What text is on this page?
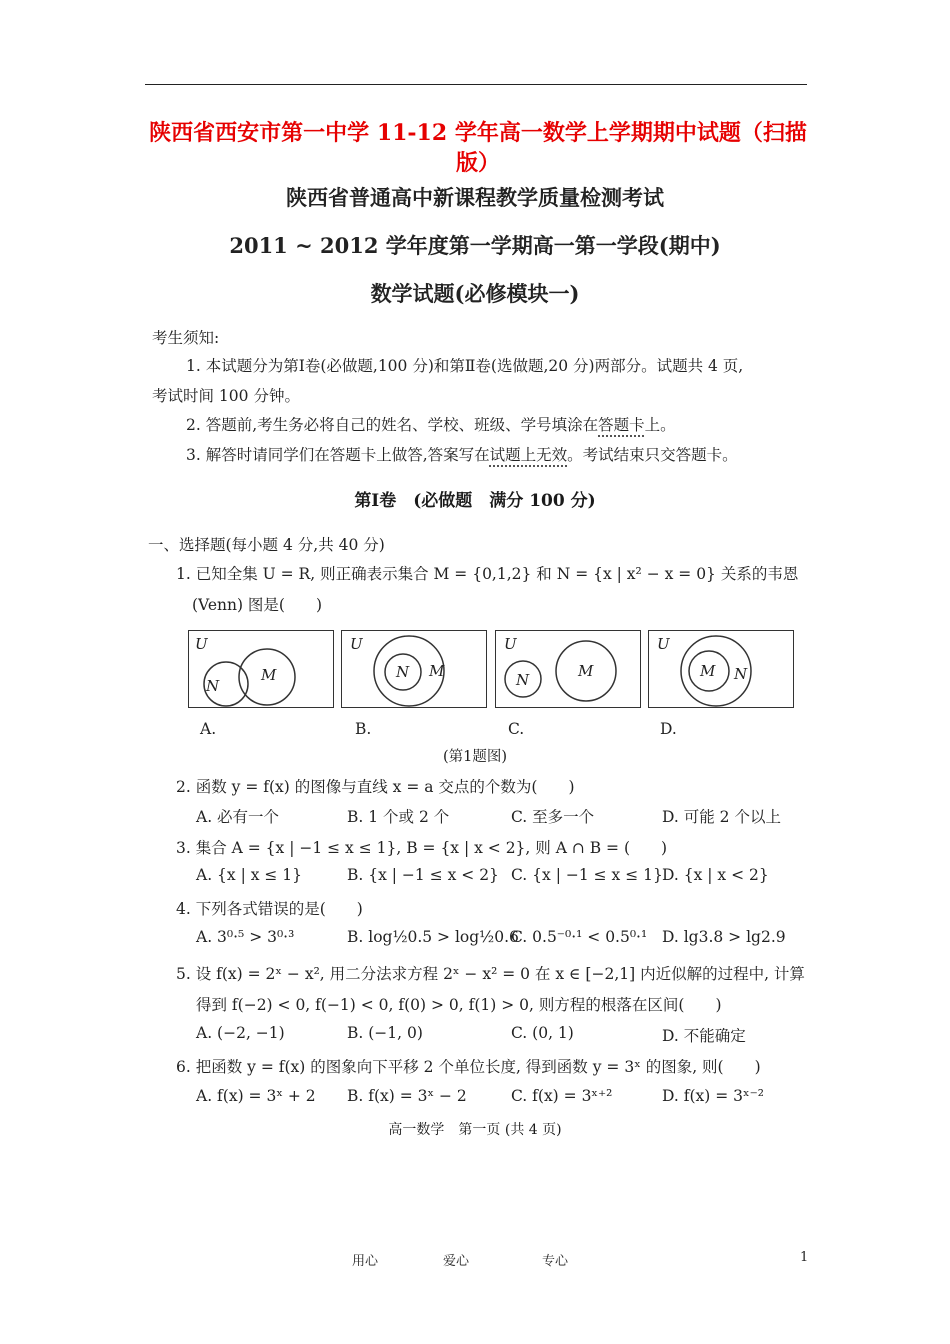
陕西省西安市第一中学 11-12 学年高一数学上学期期中试题（扫描
版）
陕西省普通高中新课程教学质量检测考试
2011 ~ 2012 学年度第一学期高一第一学段(期中)
数学试题(必修模块一)
考生须知:
1. 本试题分为第Ⅰ卷(必做题,100 分)和第Ⅱ卷(选做题,20 分)两部分。试题共 4 页,
考试时间 100 分钟。
2. 答题前,考生务必将自己的姓名、学校、班级、学号填涂在答题卡上。
3. 解答时请同学们在答题卡上做答,答案写在试题上无效。考试结束只交答题卡。
第Ⅰ卷　(必做题　满分 100 分)
一、选择题(每小题 4 分,共 40 分)
1. 已知全集 U = R, 则正确表示集合 M = {0,1,2} 和 N = {x | x² − x = 0} 关系的韦恩
(Venn) 图是(　　)
U
N
M
A.
U
N M
B.
U
N	M
C.
U
M N
D.
(第1题图)
2. 函数 y = f(x) 的图像与直线 x = a 交点的个数为(　　)
A. 必有一个	B. 1 个或 2 个	C. 至多一个	D. 可能 2 个以上
3. 集合 A = {x | −1 ≤ x ≤ 1}, B = {x | x < 2}, 则 A ∩ B = (　　)
A. {x | x ≤ 1}	B. {x | −1 ≤ x < 2} C. {x | −1 ≤ x ≤ 1} D. {x | x < 2}
4. 下列各式错误的是(　　)
A. 3⁰·⁵ > 3⁰·³	B. log½0.5 > log½0.6
C. 0.5⁻⁰·¹ < 0.5⁰·¹ D. lg3.8 > lg2.9
5. 设 f(x) = 2ˣ − x², 用二分法求方程 2ˣ − x² = 0 在 x ∈ [−2,1] 内近似解的过程中, 计算
得到 f(−2) < 0, f(−1) < 0, f(0) > 0, f(1) > 0, 则方程的根落在区间(　　)
A. (−2, −1)	B. (−1, 0)	C. (0, 1)	D. 不能确定
6. 把函数 y = f(x) 的图象向下平移 2 个单位长度, 得到函数 y = 3ˣ 的图象, 则(　　)
A. f(x) = 3ˣ + 2 B. f(x) = 3ˣ − 2	C. f(x) = 3ˣ⁺²	D. f(x) = 3ˣ⁻²
高一数学　第一页 (共 4 页)
用心	爱心	专心	1
